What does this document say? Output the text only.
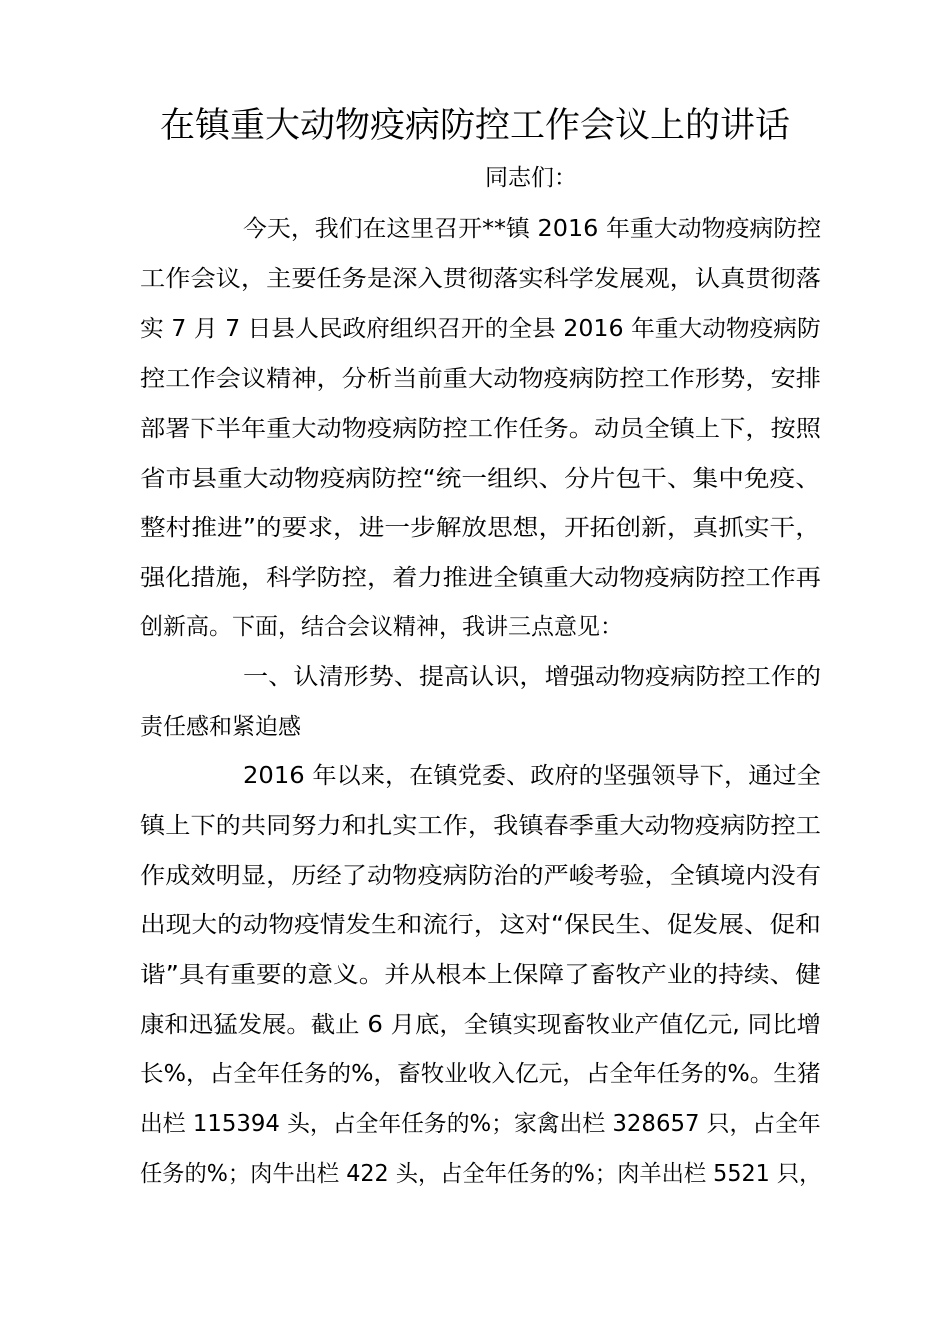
在镇重大动物疫病防控工作会议上的讲话
同志们：
今天，我们在这里召开**镇 2016 年重大动物疫病防控
工作会议，主要任务是深入贯彻落实科学发展观，认真贯彻落
实 7 月 7 日县人民政府组织召开的全县 2016 年重大动物疫病防
控工作会议精神，分析当前重大动物疫病防控工作形势，安排
部署下半年重大动物疫病防控工作任务。动员全镇上下，按照
省市县重大动物疫病防控“统一组织、分片包干、集中免疫、
整村推进”的要求，进一步解放思想，开拓创新，真抓实干，
强化措施，科学防控，着力推进全镇重大动物疫病防控工作再
创新高。下面，结合会议精神，我讲三点意见：
一、认清形势、提高认识，增强动物疫病防控工作的
责任感和紧迫感
2016 年以来，在镇党委、政府的坚强领导下，通过全
镇上下的共同努力和扎实工作，我镇春季重大动物疫病防控工
作成效明显，历经了动物疫病防治的严峻考验，全镇境内没有
出现大的动物疫情发生和流行，这对“保民生、促发展、促和
谐”具有重要的意义。并从根本上保障了畜牧产业的持续、健
康和迅猛发展。截止 6 月底，全镇实现畜牧业产值亿元, 同比增
长%，占全年任务的%，畜牧业收入亿元，占全年任务的%。生猪
出栏 115394 头，占全年任务的%；家禽出栏 328657 只，占全年
任务的%；肉牛出栏 422 头，占全年任务的%；肉羊出栏 5521 只，
